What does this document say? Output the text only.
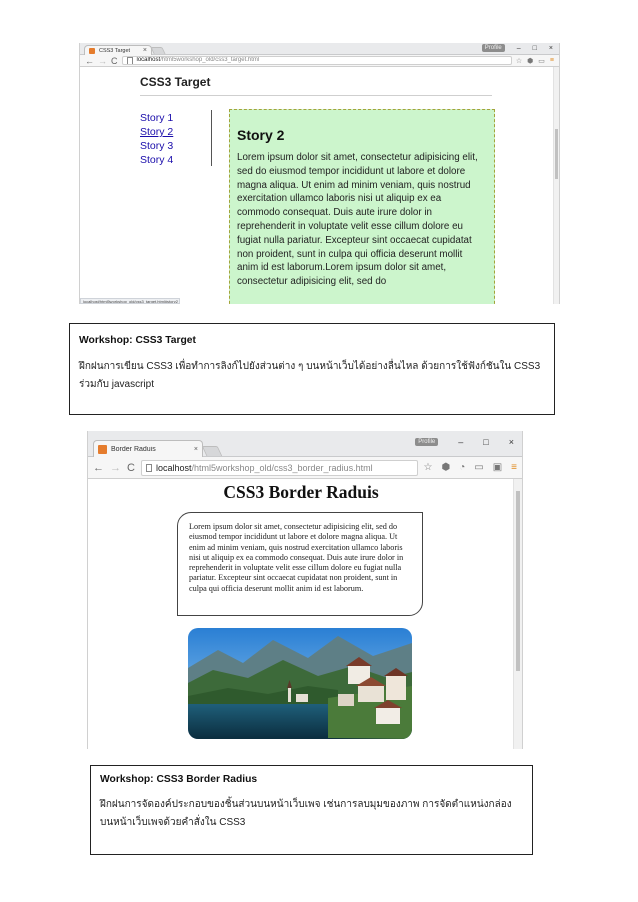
CSS3 Target	×	Profile	– □ ×
← → C	localhost /html5workshop_old/css3_target.html	☆ ⬢ ▭ ≡
CSS3 Target
Story 1
Story 2
Story 3
Story 4
Story 2

Lorem ipsum dolor sit amet, consectetur adipisicing elit, sed do eiusmod tempor incididunt ut labore et dolore magna aliqua. Ut enim ad minim veniam, quis nostrud exercitation ullamco laboris nisi ut aliquip ex ea commodo consequat. Duis aute irure dolor in reprehenderit in voluptate velit esse cillum dolore eu fugiat nulla pariatur. Excepteur sint occaecat cupidatat non proident, sunt in culpa qui officia deserunt mollit anim id est laborum.Lorem ipsum dolor sit amet, consectetur adipisicing elit, sed do

localhost/html5workshop_old/css3_target.html#story2
Workshop: CSS3 Target
ฝึกฝนการเขียน CSS3 เพื่อทำการลิงก์ไปยังส่วนต่าง ๆ บนหน้าเว็บได้อย่างลื่นไหล ด้วยการใช้ฟังก์ชันใน CSS3 ร่วมกับ javascript
Border Raduis	×
Profile	– □ ×
← → C localhost /html5workshop_old/css3_border_radius.html	☆ ⬢ ◔ ▭ ▣ ≡
CSS3 Border Raduis
Lorem ipsum dolor sit amet, consectetur adipisicing elit, sed do eiusmod tempor incididunt ut labore et dolore magna aliqua. Ut enim ad minim veniam, quis nostrud exercitation ullamco laboris nisi ut aliquip ex ea commodo consequat. Duis aute irure dolor in reprehenderit in voluptate velit esse cillum dolore eu fugiat nulla pariatur. Excepteur sint occaecat cupidatat non proident, sunt in culpa qui officia deserunt mollit anim id est laborum.
Workshop: CSS3 Border Radius
ฝึกฝนการจัดองค์ประกอบของชิ้นส่วนบนหน้าเว็บเพจ เช่นการลบมุมของภาพ การจัดตำแหน่งกล่องบนหน้าเว็บเพจด้วยคำสั่งใน CSS3
